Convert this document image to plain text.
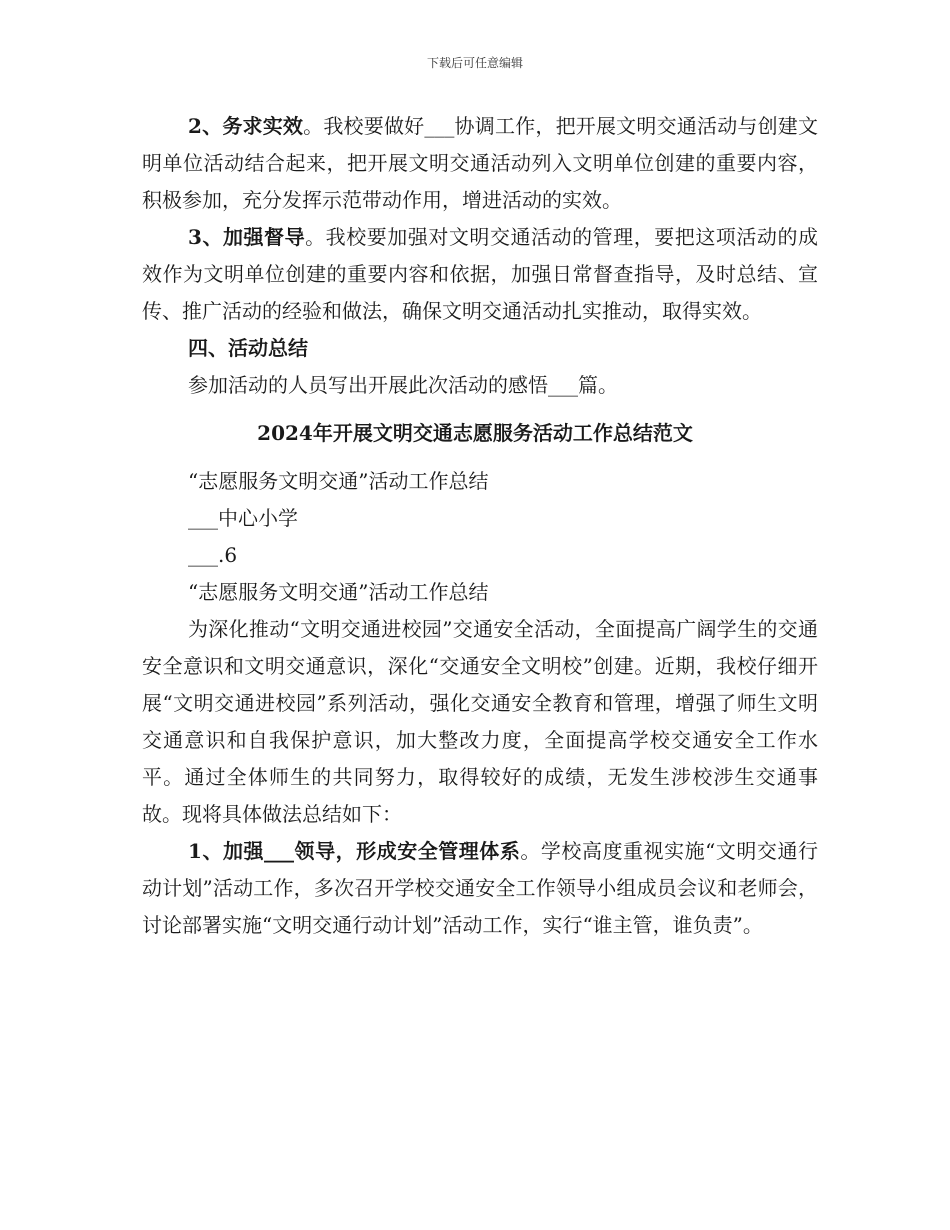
下载后可任意编辑

2、务求实效。我校要做好___协调工作，把开展文明交通活动与创建文明单位活动结合起来，把开展文明交通活动列入文明单位创建的重要内容，积极参加，充分发挥示范带动作用，增进活动的实效。

3、加强督导。我校要加强对文明交通活动的管理，要把这项活动的成效作为文明单位创建的重要内容和依据，加强日常督查指导，及时总结、宣传、推广活动的经验和做法，确保文明交通活动扎实推动，取得实效。

四、活动总结

参加活动的人员写出开展此次活动的感悟___篇。

2024年开展文明交通志愿服务活动工作总结范文

“志愿服务文明交通”活动工作总结

___中心小学

___.6

“志愿服务文明交通”活动工作总结

为深化推动“文明交通进校园”交通安全活动，全面提高广阔学生的交通安全意识和文明交通意识，深化“交通安全文明校”创建。近期，我校仔细开展“文明交通进校园”系列活动，强化交通安全教育和管理，增强了师生文明交通意识和自我保护意识，加大整改力度，全面提高学校交通安全工作水平。通过全体师生的共同努力，取得较好的成绩，无发生涉校涉生交通事故。现将具体做法总结如下：

1、加强___领导，形成安全管理体系。学校高度重视实施“文明交通行动计划”活动工作，多次召开学校交通安全工作领导小组成员会议和老师会，讨论部署实施“文明交通行动计划”活动工作，实行“谁主管，谁负责”。
